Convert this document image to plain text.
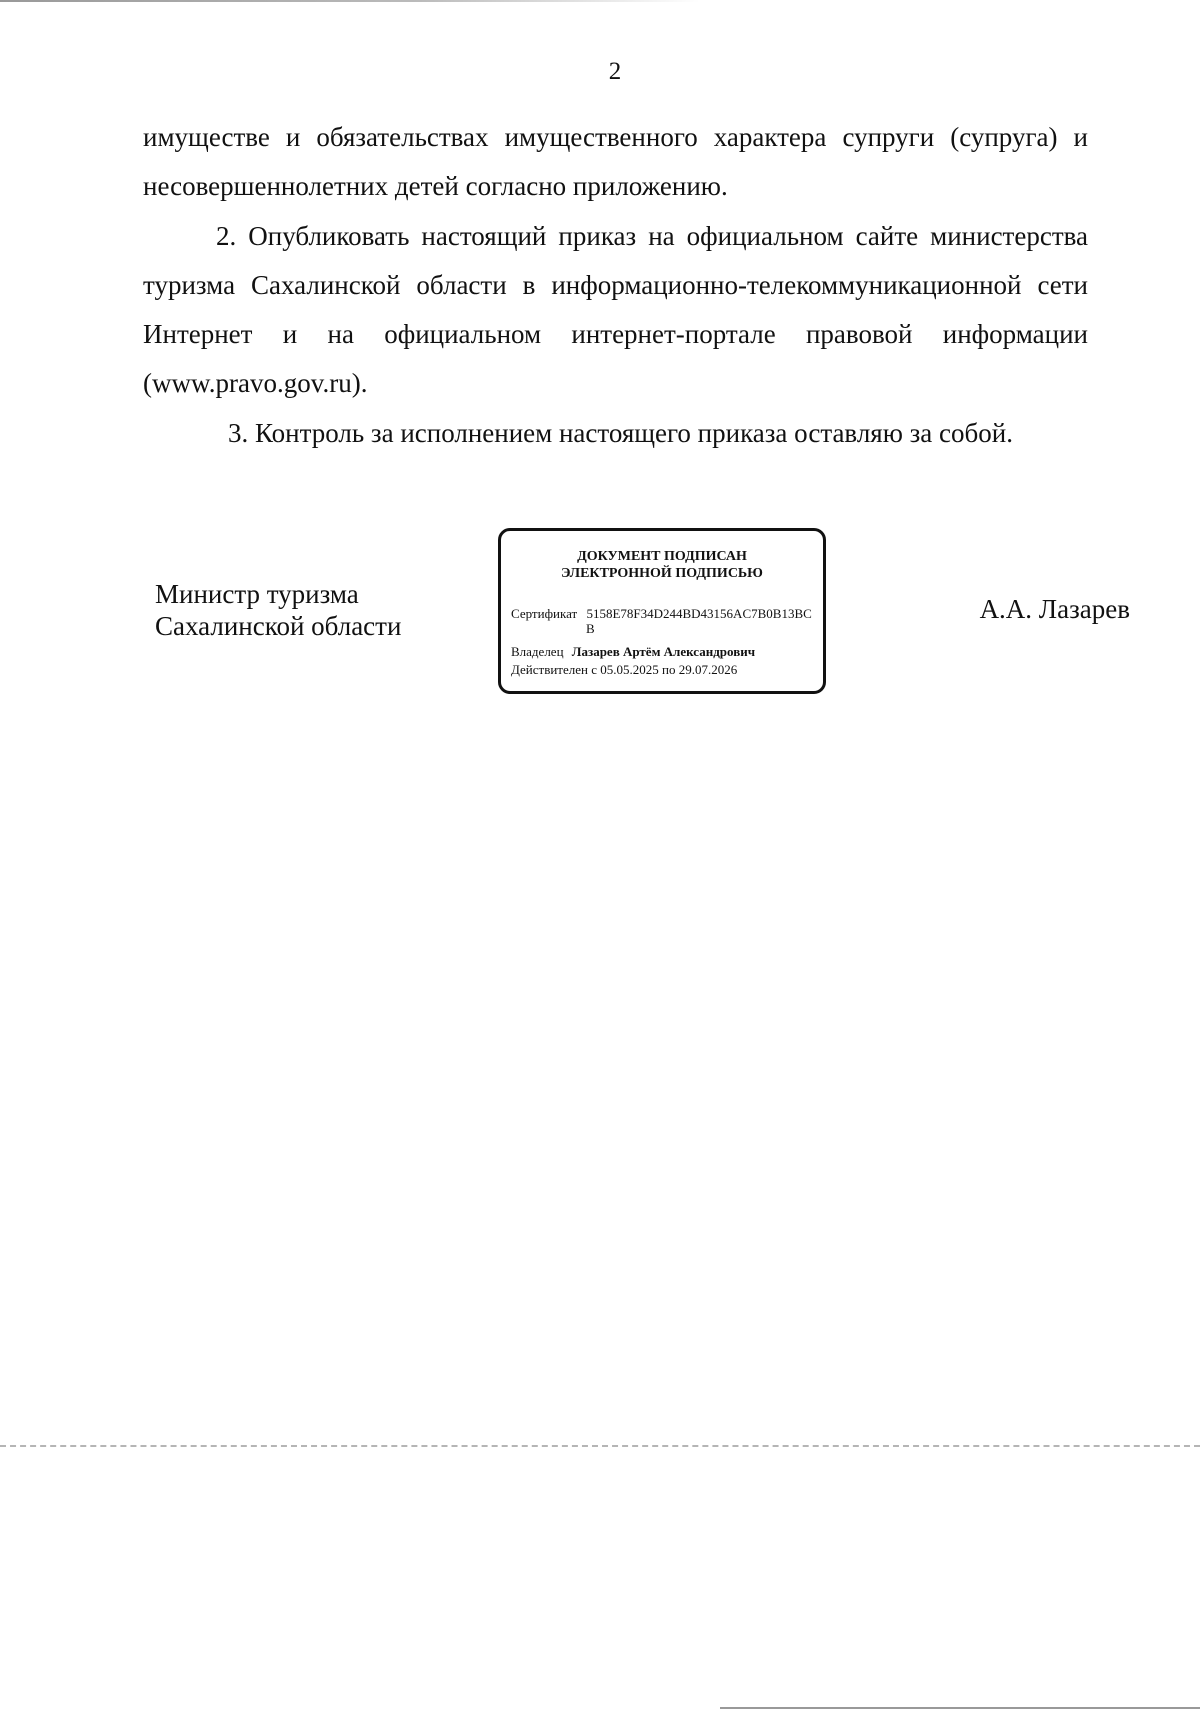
2
имуществе и обязательствах имущественного характера супруги (супруга) и
несовершеннолетних детей согласно приложению.
2. Опубликовать настоящий приказ на официальном сайте министерства
туризма Сахалинской области в информационно-телекоммуникационной сети
Интернет и на официальном интернет-портале правовой информации
(www.pravo.gov.ru).
3. Контроль за исполнением настоящего приказа оставляю за собой.
Министр туризма
Сахалинской области
ДОКУМЕНТ ПОДПИСАН
ЭЛЕКТРОННОЙ ПОДПИСЬЮ
Сертификат 5158E78F34D244BD43156AC7B0B13BC
B
Владелец Лазарев Артём Александрович
Действителен с 05.05.2025 по 29.07.2026
А.А. Лазарев
